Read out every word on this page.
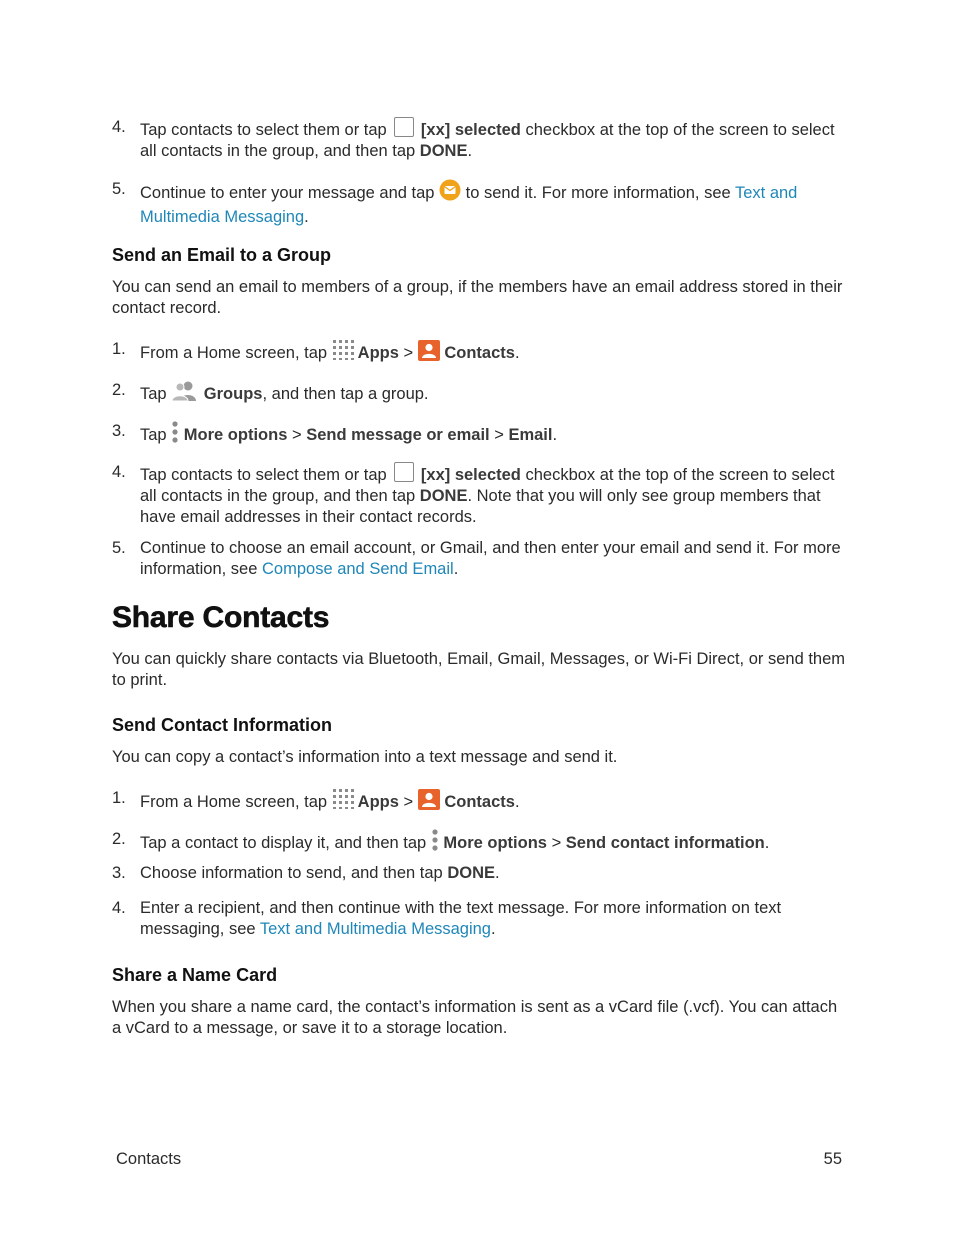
4. Tap contacts to select them or tap [xx] selected checkbox at the top of the screen to select all contacts in the group, and then tap DONE.
5. Continue to enter your message and tap to send it. For more information, see Text and Multimedia Messaging.
Send an Email to a Group

You can send an email to members of a group, if the members have an email address stored in their contact record.

1. From a Home screen, tap Apps > Contacts.
2. Tap Groups, and then tap a group.
3. Tap More options > Send message or email > Email.
4. Tap contacts to select them or tap [xx] selected checkbox at the top of the screen to select all contacts in the group, and then tap DONE. Note that you will only see group members that have email addresses in their contact records.
5. Continue to choose an email account, or Gmail, and then enter your email and send it. For more information, see Compose and Send Email.
Share Contacts

You can quickly share contacts via Bluetooth, Email, Gmail, Messages, or Wi-Fi Direct, or send them to print.

Send Contact Information

You can copy a contact’s information into a text message and send it.

1. From a Home screen, tap Apps > Contacts.
2. Tap a contact to display it, and then tap More options > Send contact information.
3. Choose information to send, and then tap DONE.
4. Enter a recipient, and then continue with the text message. For more information on text messaging, see Text and Multimedia Messaging.
Share a Name Card

When you share a name card, the contact’s information is sent as a vCard file (.vcf). You can attach a vCard to a message, or save it to a storage location.

Contacts	55
